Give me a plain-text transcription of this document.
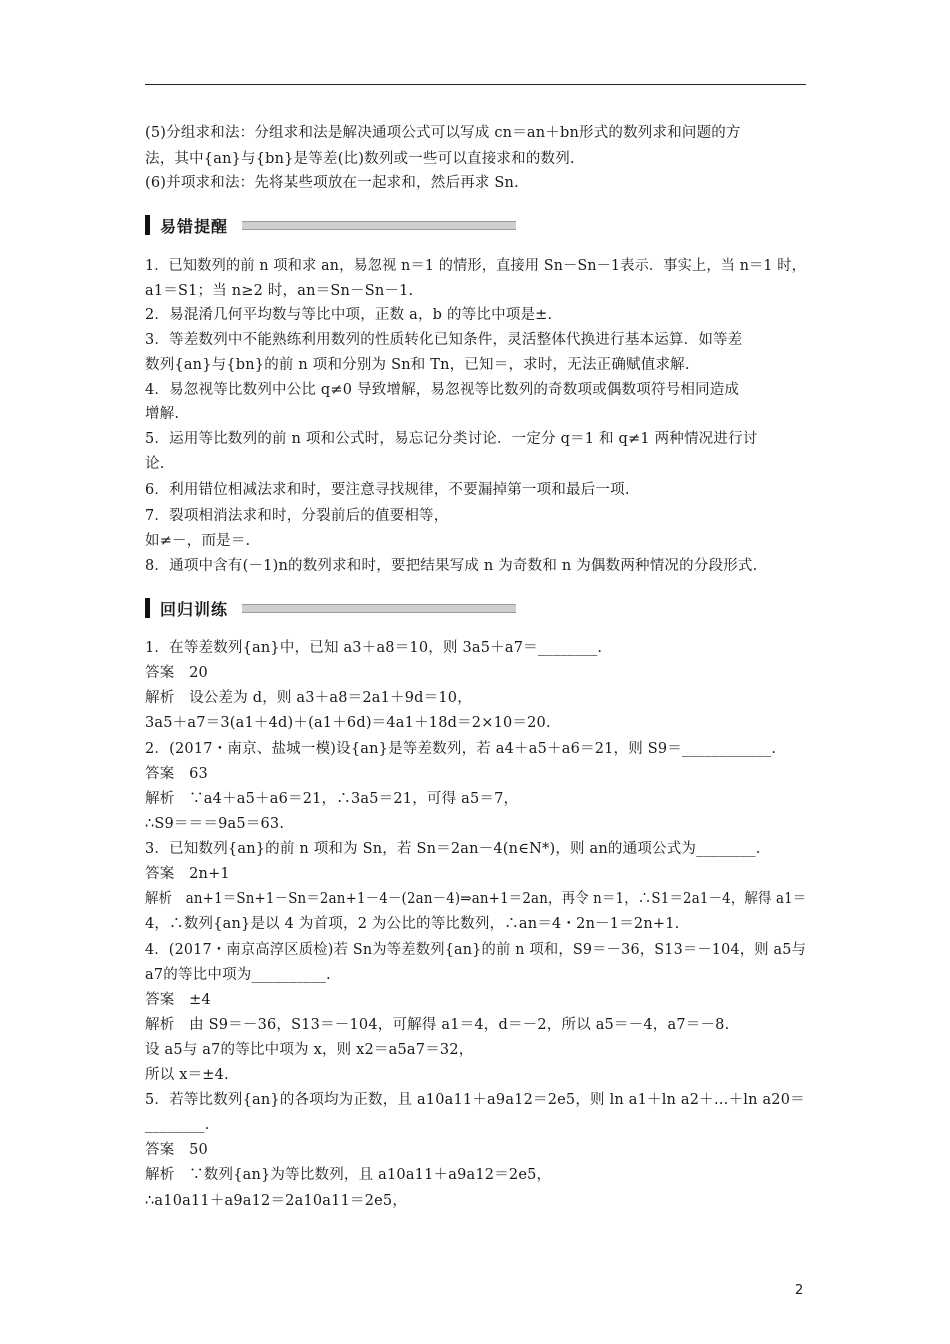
(5)分组求和法：分组求和法是解决通项公式可以写成 cn＝an＋bn形式的数列求和问题的方
法，其中{an}与{bn}是等差(比)数列或一些可以直接求和的数列.
(6)并项求和法：先将某些项放在一起求和，然后再求 Sn.
易错提醒
1．已知数列的前 n 项和求 an，易忽视 n＝1 的情形，直接用 Sn－Sn－1表示．事实上，当 n＝1 时，
a1＝S1；当 n≥2 时，an＝Sn－Sn－1.
2．易混淆几何平均数与等比中项，正数 a，b 的等比中项是±.
3．等差数列中不能熟练利用数列的性质转化已知条件，灵活整体代换进行基本运算．如等差
数列{an}与{bn}的前 n 项和分别为 Sn和 Tn，已知＝，求时，无法正确赋值求解.
4．易忽视等比数列中公比 q≠0 导致增解，易忽视等比数列的奇数项或偶数项符号相同造成
增解.
5．运用等比数列的前 n 项和公式时，易忘记分类讨论．一定分 q＝1 和 q≠1 两种情况进行讨
论.
6．利用错位相减法求和时，要注意寻找规律，不要漏掉第一项和最后一项.
7．裂项相消法求和时，分裂前后的值要相等，
如≠－，而是＝.
8．通项中含有(－1)n的数列求和时，要把结果写成 n 为奇数和 n 为偶数两种情况的分段形式.
回归训练
1．在等差数列{an}中，已知 a3＋a8＝10，则 3a5＋a7＝________.
答案　20
解析　设公差为 d，则 a3＋a8＝2a1＋9d＝10，
3a5＋a7＝3(a1＋4d)＋(a1＋6d)＝4a1＋18d＝2×10＝20.
2．(2017・南京、盐城一模)设{an}是等差数列，若 a4＋a5＋a6＝21，则 S9＝____________.
答案　63
解析　∵a4＋a5＋a6＝21，∴3a5＝21，可得 a5＝7，
∴S9＝＝＝9a5＝63.
3．已知数列{an}的前 n 项和为 Sn，若 Sn＝2an－4(n∈N*)，则 an的通项公式为________.
答案　2n+1
解析　an+1＝Sn+1－Sn＝2an+1－4－(2an－4)⇒an+1＝2an，再令 n＝1，∴S1＝2a1－4，解得 a1＝
4，∴数列{an}是以 4 为首项，2 为公比的等比数列，∴an＝4・2n－1＝2n+1.
4．(2017・南京高淳区质检)若 Sn为等差数列{an}的前 n 项和，S9＝－36，S13＝－104，则 a5与
a7的等比中项为__________.
答案　±4
解析　由 S9＝－36，S13＝－104，可解得 a1＝4，d＝－2，所以 a5＝－4，a7＝－8.
设 a5与 a7的等比中项为 x，则 x2＝a5a7＝32，
所以 x＝±4.
5．若等比数列{an}的各项均为正数，且 a10a11＋a9a12＝2e5，则 ln a1＋ln a2＋…＋ln a20＝
________.
答案　50
解析　∵数列{an}为等比数列，且 a10a11＋a9a12＝2e5，
∴a10a11＋a9a12＝2a10a11＝2e5，
2
